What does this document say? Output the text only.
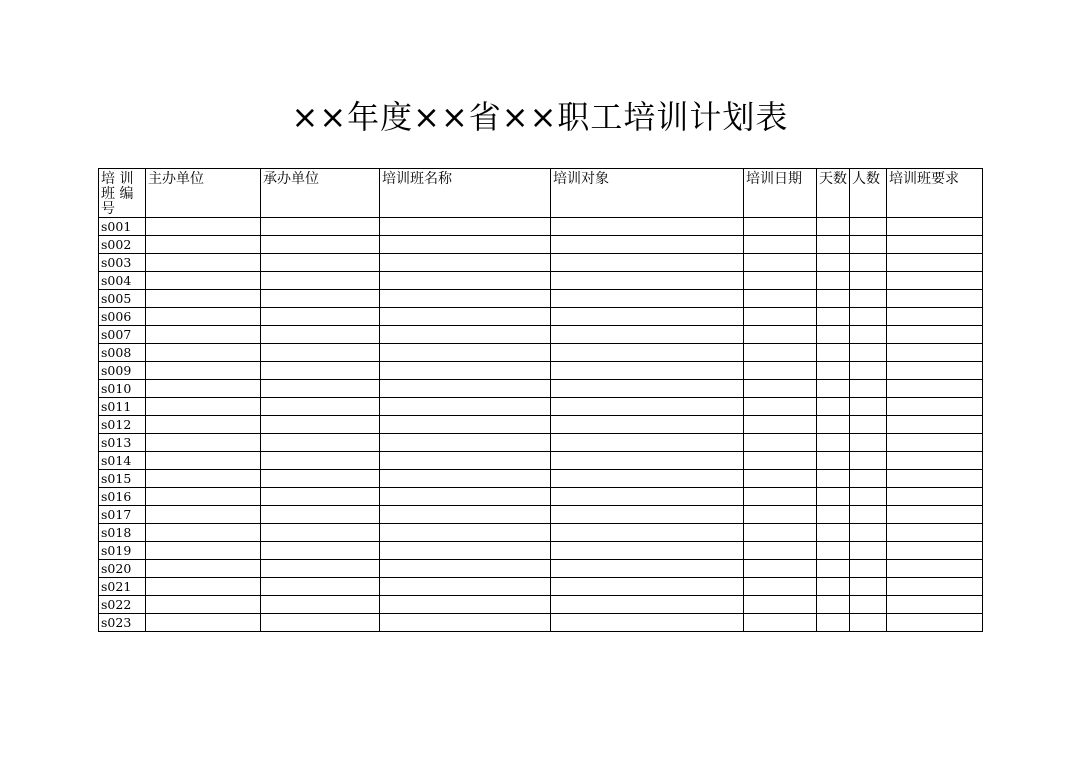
××年度××省××职工培训计划表
培 训班 编号	主办单位	承办单位	培训班名称	培训对象	培训日期	天数	人数	培训班要求
s001								
s002								
s003								
s004								
s005								
s006								
s007								
s008								
s009								
s010								
s011								
s012								
s013								
s014								
s015								
s016								
s017								
s018								
s019								
s020								
s021								
s022								
s023								
